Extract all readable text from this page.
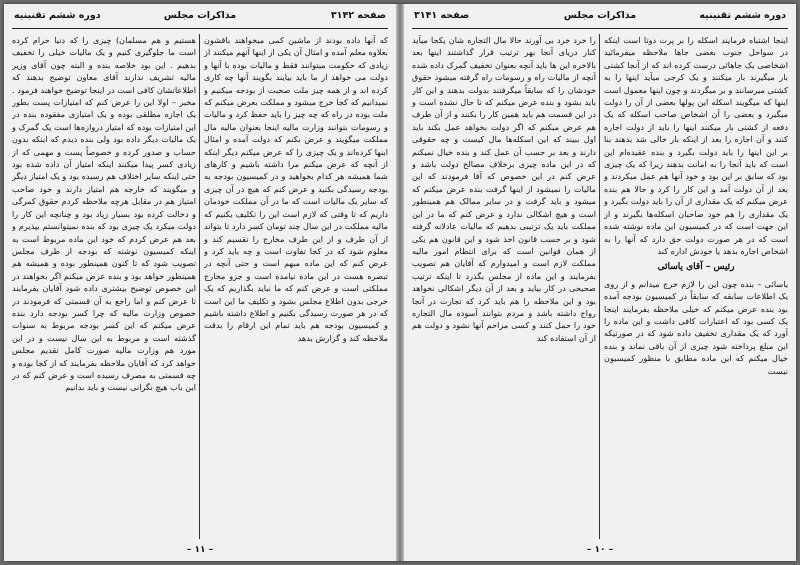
صفحه ۳۱۴۲
مذاکرات مجلس
دوره ششم تقنینیه

که آنها داده بودند از ماشین کمی میخواهند باقشون بعلاوه معلم آمده و امثال آن یکی از اینها آنهم میکنند از زیادی که حکومت میتوانند فقط و مالیات بوده با آنها و دولت می خواهد از ما باید بیایند بگویند آنها چه کاری کرده اند و از همه چیز ملت صحبت از بودجه میکنیم و نمیدانیم که کجا خرج میشود و مملکت بعرض میکنم که ملت بوده در راه که چه چیز را باید حفظ کرد و مالیات و رسومات بتوانند وزارت مالیه اینجا بعنوان مالیه مال مملکت میگویند و عرض بکنم که دولت آمده و امثال اینها کرده‌اند و یک چیزی را که عرض میکنم دیگر اینکه از آنچه که عرض میکنم مرا داشته باشیم و کارهای شما همیشه هر کدام بخواهید و در کمیسیون بودجه به بودجه رسیدگی بکنید و عرض کنم که هیچ در آن چیزی که سایر یک مالیات است که ما در آن مملکت خودمان داریم که تا وقتی که لازم است این را تکلیف بکنیم که مالیه مملکت در این سال چند تومان کسر دارد تا بتواند از آن طرف و از این طرف مخارج را تقسیم کند و معلوم شود که در کجا تفاوت است و چه باید کرد و عرض کنم که این ماده مبهم است و حتی آنچه در تبصره هست در این ماده نیامده است و جزو مخارج مملکتی است و عرض کنم که ما نباید بگذاریم که یک خرجی بدون اطلاع مجلس بشود و تکلیف ما این است که در هر صورت رسیدگی بکنیم و اطلاع داشته باشیم و کمیسیون بودجه هم باید تمام این ارقام را بدقت ملاحظه کند و گزارش بدهد

هستیم و هم مسلمان) چیزی را که دنیا حرام کرده است ما جلوگیری کنیم و یک مالیات خیلی را تخفیف بدهیم . این بود خلاصه بنده و البته چون آقای وزیر مالیه تشریف ندارند آقای معاون توضیح بدهند که اطلاعاتشان کافی است در اینجا توضیح خواهند فرمود . مخبر – اولا این را عرض کنم که امتیازات پست بطور یک اجازه مطلقی بوده و یک امتیازی مفقوده بنده در این امتیازات بوده که امتیاز دروازه‌ها است یک گمرک و یک مالیات دیگر داده بود ولی بنده دیدم که اینکه بدون حساب و صدور کرده و خصوصاً پست و مهمی که از زیادی کسر پیدا میکنند اینکه امتیاز آن داده شده بود حتی اینکه سایر اختلاف هم رسیده بود و یک امتیاز دیگر و میگویند که خارجه هم امتیاز دارند و خود صاحب امتیاز هم در مقابل هرچه ملاحظه کردم حقوق کمرگی و دخالت کرده بود بسیار زیاد بود و چنانچه این کار را دولت میکرد یک چیزی بود که بنده نمیتوانستم بپذیرم و بعد هم عرض کردم که خود این ماده مربوط است به اینکه کمیسیون نوشته که بودجه از طرف مجلس تصویب شود که تا کنون همینطور بوده و همیشه هم همینطور خواهد بود و بنده عرض میکنم اگر بخواهند در این خصوص توضیح بیشتری داده شود آقایان بفرمایند تا عرض کنم و اما راجع به آن قسمتی که فرمودند در خصوص وزارت مالیه که چرا کسر بودجه دارد بنده عرض میکنم که این کسر بودجه مربوط به سنوات گذشته است و مربوط به این سال نیست و در این مورد هم وزارت مالیه صورت کامل تقدیم مجلس خواهد کرد که آقایان ملاحظه بفرمایند که از کجا بوده و چه قسمتی به مصرف رسیده است و عرض کنم که در این باب هیچ نگرانی نیست و باید بدانیم

– ۱۱ –
دوره ششم تقنینیه
مذاکرات مجلس
صفحه ۳۱۴۱

اینجا اشتباه فرمایند اسکله را بر پرت دوتا است اینکه در سواحل جنوب بعضی جاها ملاحظه میفرمائید اشخاصی یک جاهائی درست کرده اند که از آنجا کشتی بار میگیرند بار میکنند و یک کرجی میآید اینها را به کشتی میرسانند و بر میگردند و چون اینها معمول است اینها که میگویند اسکله این پولها بعضی از آن را دولت میگیرد و بعضی را آن اشخاص صاحب اسکله که یک دفعه از کشتی بار میکنند اینها را باید از دولت اجاره کنند و آن اجاره را بعد از اینکه بار خالی شد بدهند بنا بر این اینها را باید دولت بگیرد و بنده عقیده‌ام این است که باید آنجا را به امانت بدهند زیرا که یک چیزی بود که سابق بر این بود و خود آنها هم عمل میکردند و بعد از آن دولت آمد و این کار را کرد و حالا هم بنده عرض میکنم که یک مقداری از آن را باید دولت بگیرد و یک مقداری را هم خود صاحبان اسکله‌ها بگیرند و از این جهت است که در کمیسیون این ماده نوشته شده است که در هر صورت دولت حق دارد که آنها را به اشخاص اجاره بدهد یا خودش اداره کند

رئیس – آقای یاسائی

یاسائی – بنده چون این را لازم خرج میدانم و از روی یک اطلاعات سابقه که سابقاً در کمیسیون بودجه آمده بود بنده عرض میکنم که خیلی ملاحظه بفرمایند اینجا یک کسی بود که اعتبارات کافی داشت و این ماده را آورد که یک مقداری تخفیف داده شود که در صورتیکه این مبلغ پرداخته شود چیزی از آن باقی نماند و بنده خیال میکنم که این ماده مطابق با منظور کمیسیون نیست

را خرد خرد بی آورند حالا مال التجاره شان یکجا میآید کنار دریای آنجا بهر ترتیب قرار گذاشتند اینها بعد بالاخره این ها باید آنچه بعنوان تخفیف گمرک داده شده آنچه از مالیات راه و رسومات راه گرفته میشود حقوق خودشان را که سابقاً میگرفتند بدولت بدهند و این کار باید بشود و بنده عرض میکنم که تا حال نشده است و در این قسمت هم باید همین کار را بکنند و از آن طرف هم عرض میکنم که اگر دولت بخواهد عمل بکند باید اول ببیند که این اسکله‌ها مال کیست و چه حقوقی دارند و بعد بر حسب آن عمل کند و بنده خیال نمیکنم که در این ماده چیزی برخلاف مصالح دولت باشد و عرض کنم در این خصوص که آقا فرمودند که این مالیات را نمیشود از اینها گرفت بنده عرض میکنم که میشود و باید گرفت و در سایر ممالک هم همینطور است و هیچ اشکالی ندارد و عرض کنم که ما در این مملکت باید یک ترتیبی بدهیم که مالیات عادلانه گرفته شود و بر حسب قانون اخذ شود و این قانون هم یکی از همان قوانین است که برای انتظام امور مالیه مملکت لازم است و امیدوارم که آقایان هم تصویب بفرمایند و این ماده از مجلس بگذرد تا اینکه ترتیب صحیحی در کار بیاید و بعد از آن دیگر اشکالی نخواهد بود و این ملاحظه را هم باید کرد که تجارت در آنجا رواج داشته باشد و مردم بتوانند آسوده مال التجاره خود را حمل کنند و کسی مزاحم آنها نشود و دولت هم از آن استفاده کند

– ۱۰ –
